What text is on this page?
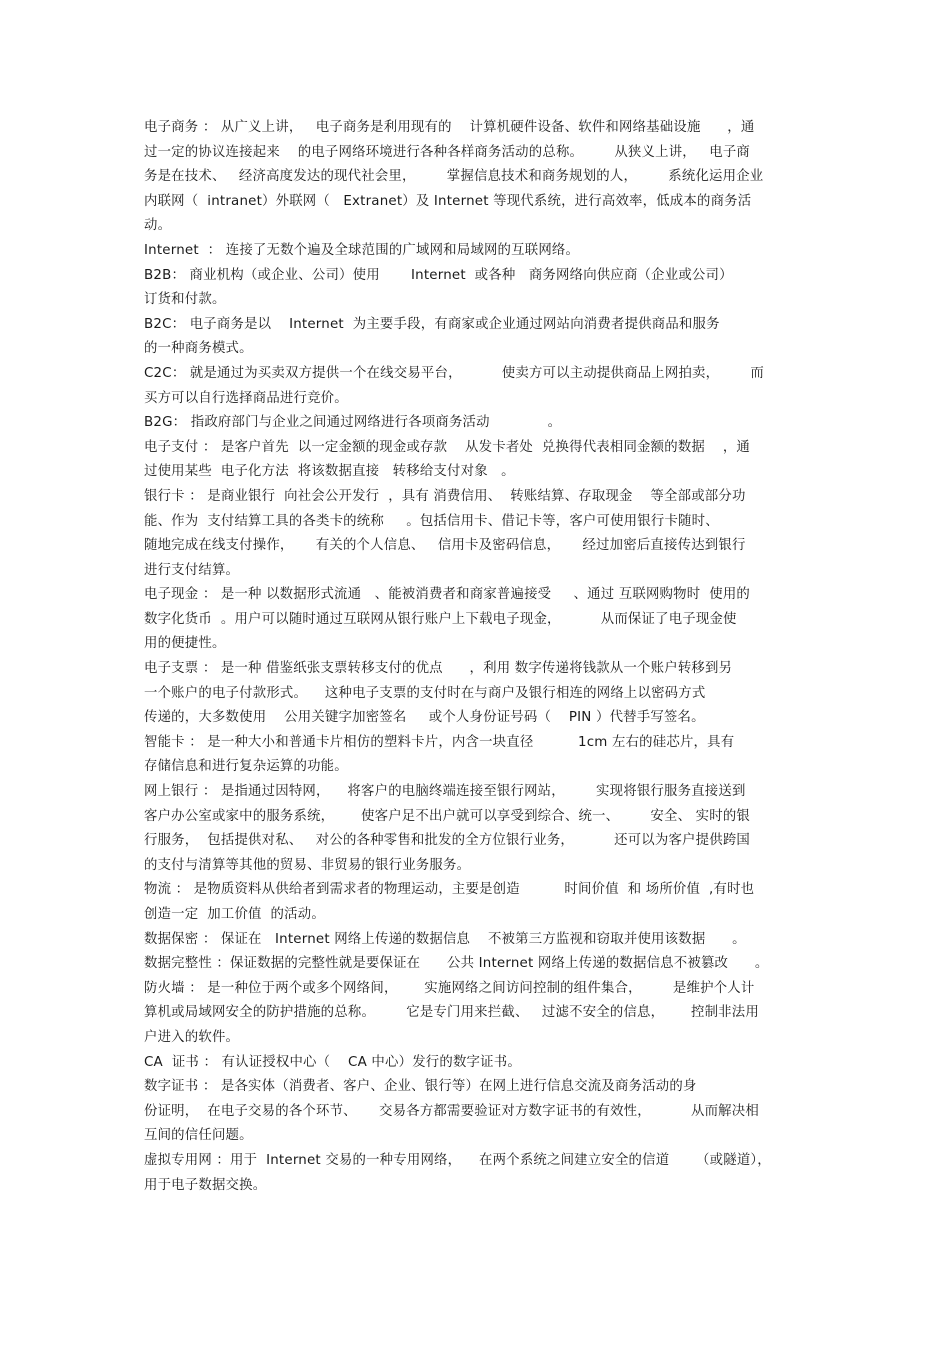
电子商务 ： 从广义上讲，   电子商务是利用现有的    计算机硬件设备、软件和网络基础设施      ，通
过一定的协议连接起来    的电子网络环境进行各种各样商务活动的总称。       从狭义上讲，   电子商
务是在技术、   经济高度发达的现代社会里，       掌握信息技术和商务规划的人，       系统化运用企业
内联网（  intranet）外联网（   Extranet）及 Internet 等现代系统，进行高效率，低成本的商务活
动。
Internet  ： 连接了无数个遍及全球范围的广域网和局域网的互联网络。
B2B： 商业机构（或企业、公司）使用       Internet  或各种   商务网络向供应商（企业或公司）
订货和付款。
B2C： 电子商务是以    Internet  为主要手段，有商家或企业通过网站向消费者提供商品和服务
的一种商务模式。
C2C： 就是通过为买卖双方提供一个在线交易平台，         使卖方可以主动提供商品上网拍卖，       而
买方可以自行选择商品进行竞价。
B2G： 指政府部门与企业之间通过网络进行各项商务活动             。
电子支付 ： 是客户首先  以一定金额的现金或存款    从发卡者处  兑换得代表相同金额的数据    ，通
过使用某些  电子化方法  将该数据直接   转移给支付对象   。
银行卡 ： 是商业银行  向社会公开发行  ，具有 消费信用、  转账结算、存取现金    等全部或部分功
能、作为  支付结算工具的各类卡的统称     。包括信用卡、借记卡等，客户可使用银行卡随时、
随地完成在线支付操作，     有关的个人信息、   信用卡及密码信息，     经过加密后直接传达到银行
进行支付结算。
电子现金 ： 是一种 以数据形式流通   、能被消费者和商家普遍接受     、通过 互联网购物时  使用的
数字化货币  。用户可以随时通过互联网从银行账户上下载电子现金，         从而保证了电子现金使
用的便捷性。
电子支票 ： 是一种 借鉴纸张支票转移支付的优点      ，利用 数字传递将钱款从一个账户转移到另
一个账户的电子付款形式。    这种电子支票的支付时在与商户及银行相连的网络上以密码方式
传递的，大多数使用    公用关键字加密签名     或个人身份证号码（    PIN ）代替手写签名。
智能卡 ： 是一种大小和普通卡片相仿的塑料卡片，内含一块直径          1cm 左右的硅芯片，具有
存储信息和进行复杂运算的功能。
网上银行 ： 是指通过因特网，    将客户的电脑终端连接至银行网站，       实现将银行服务直接送到
客户办公室或家中的服务系统，      使客户足不出户就可以享受到综合、统一、       安全、 实时的银
行服务，  包括提供对私、   对公的各种零售和批发的全方位银行业务，         还可以为客户提供跨国
的支付与清算等其他的贸易、非贸易的银行业务服务。
物流 ： 是物质资料从供给者到需求者的物理运动，主要是创造          时间价值  和 场所价值  ,有时也
创造一定  加工价值  的活动。
数据保密 ： 保证在   Internet 网络上传递的数据信息    不被第三方监视和窃取并使用该数据      。
数据完整性 ：保证数据的完整性就是要保证在      公共 Internet 网络上传递的数据信息不被篡改      。
防火墙 ： 是一种位于两个或多个网络间，      实施网络之间访问控制的组件集合，       是维护个人计
算机或局域网安全的防护措施的总称。       它是专门用来拦截、   过滤不安全的信息，      控制非法用
户进入的软件。
CA  证书 ： 有认证授权中心（    CA 中心）发行的数字证书。
数字证书 ： 是各实体（消费者、客户、企业、银行等）在网上进行信息交流及商务活动的身
份证明，  在电子交易的各个环节、     交易各方都需要验证对方数字证书的有效性，         从而解决相
互间的信任问题。
虚拟专用网 ：用于  Internet 交易的一种专用网络，    在两个系统之间建立安全的信道      （或隧道），
用于电子数据交换。
